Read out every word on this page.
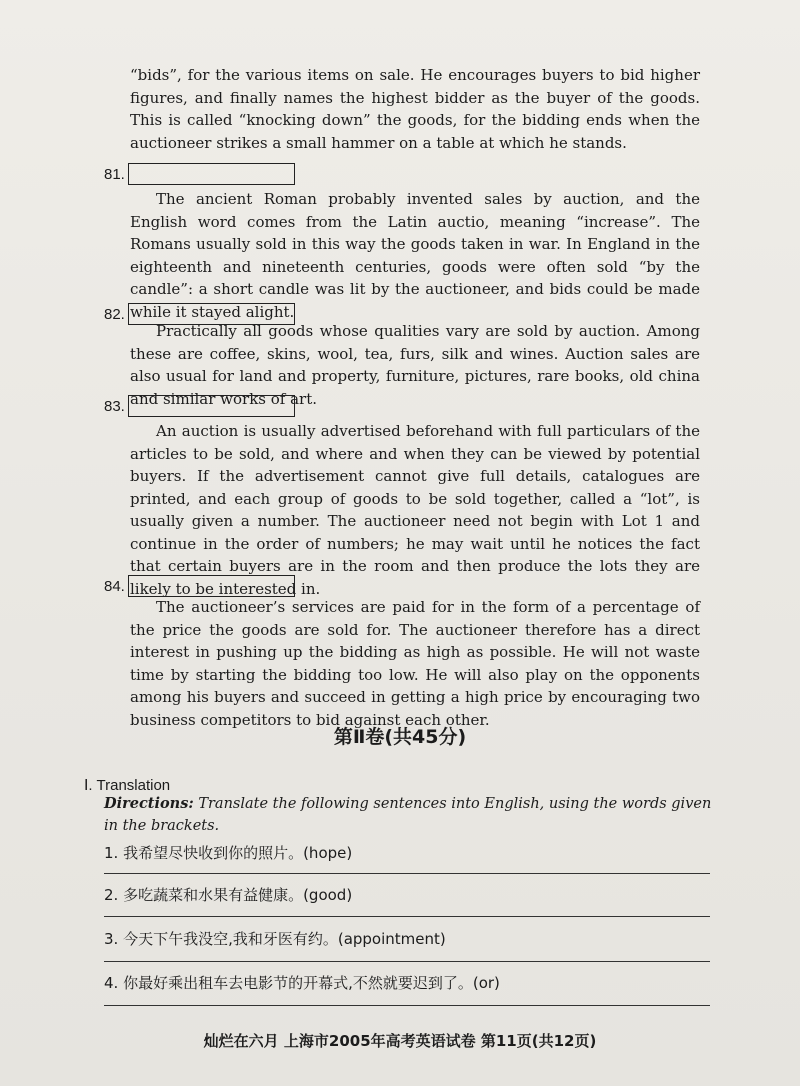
“bids”, for the various items on sale. He encourages buyers to bid higher figures, and finally names the highest bidder as the buyer of the goods. This is called “knocking down” the goods, for the bidding ends when the auctioneer strikes a small hammer on a table at which he stands.

81.

The ancient Roman probably invented sales by auction, and the English word comes from the Latin auctio, meaning “increase”. The Romans usually sold in this way the goods taken in war. In England in the eighteenth and nineteenth centuries, goods were often sold “by the candle”: a short candle was lit by the auctioneer, and bids could be made while it stayed alight.

82.

Practically all goods whose qualities vary are sold by auction. Among these are coffee, skins, wool, tea, furs, silk and wines. Auction sales are also usual for land and property, furniture, pictures, rare books, old china and similar works of art.

83.

An auction is usually advertised beforehand with full particulars of the articles to be sold, and where and when they can be viewed by potential buyers. If the advertisement cannot give full details, catalogues are printed, and each group of goods to be sold together, called a “lot”, is usually given a number. The auctioneer need not begin with Lot 1 and continue in the order of numbers; he may wait until he notices the fact that certain buyers are in the room and then produce the lots they are likely to be interested in.

84.

The auctioneer’s services are paid for in the form of a percentage of the price the goods are sold for. The auctioneer therefore has a direct interest in pushing up the bidding as high as possible. He will not waste time by starting the bidding too low. He will also play on the opponents among his buyers and succeed in getting a high price by encouraging two business competitors to bid against each other.

第Ⅱ卷(共45分)
Ⅰ. Translation

Directions: Translate the following sentences into English, using the words given in the brackets.

1. 我希望尽快收到你的照片。(hope)
2. 多吃蔬菜和水果有益健康。(good)
3. 今天下午我没空,我和牙医有约。(appointment)
4. 你最好乘出租车去电影节的开幕式,不然就要迟到了。(or)
灿烂在六月 上海市2005年高考英语试卷 第11页(共12页)
